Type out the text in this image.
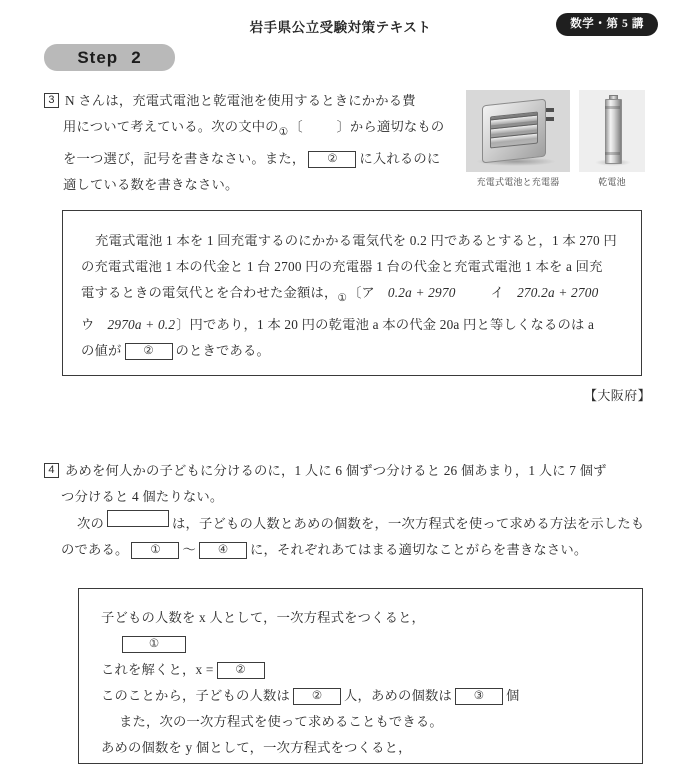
岩手県公立受験対策テキスト	数学・第 5 講
Step 2
3 N さんは，充電式電池と乾電池を使用するときにかかる費
用について考えている。次の文中の$_①$〔	〕から適切なもの
を一つ選び，記号を書きなさい。また， ② に入れるのに
適している数を書きなさい。	充電式電池と充電器	乾電池
充電式電池 1 本を 1 回充電するのにかかる電気代を 0.2 円であるとすると，1 本 270 円
の充電式電池 1 本の代金と 1 台 2700 円の充電器 1 台の代金と充電式電池 1 本を a 回充
電するときの電気代とを合わせた金額は，$_①$〔ア 0.2a + 2970	イ 270.2a + 2700
ウ 2970a + 0.2〕円であり，1 本 20 円の乾電池 a 本の代金 20a 円と等しくなるのは a
の値が ② のときである。
【大阪府】
4 あめを何人かの子どもに分けるのに，1 人に 6 個ずつ分けると 26 個あまり，1 人に 7 個ず
つ分けると 4 個たりない。
次の	は，子どもの人数とあめの個数を，一次方程式を使って求める方法を示したも
のである。 ① ～ ④ に，それぞれあてはまる適切なことがらを書きなさい。
子どもの人数を x 人として，一次方程式をつくると，
①
これを解くと，x = ②
このことから，子どもの人数は ② 人，あめの個数は ③ 個
また，次の一次方程式を使って求めることもできる。
あめの個数を y 個として，一次方程式をつくると，
